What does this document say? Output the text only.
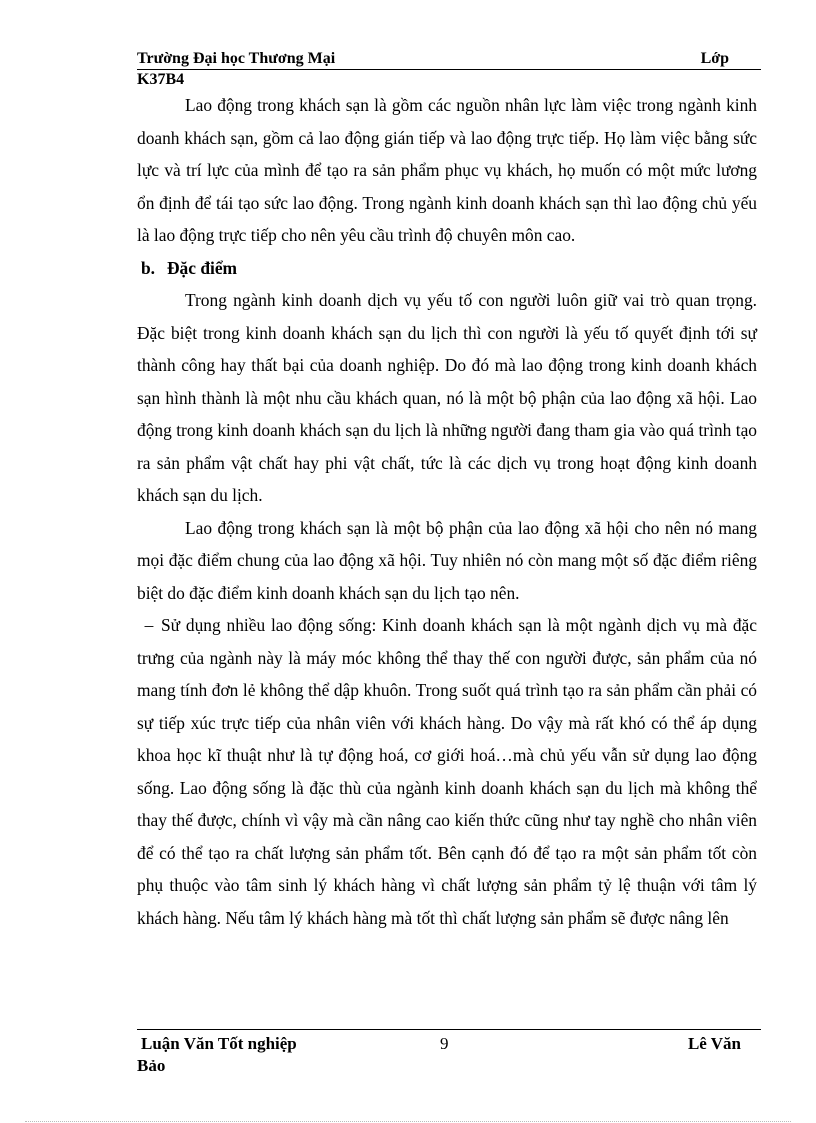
Trường Đại học Thương Mại	Lớp
K37B4

Lao động trong khách sạn là gồm các nguồn nhân lực làm việc trong ngành kinh doanh khách sạn, gồm cả lao động gián tiếp và lao động trực tiếp. Họ làm việc bằng sức lực và trí lực của mình để tạo ra sản phẩm phục vụ khách, họ muốn có một mức lương ổn định để tái tạo sức lao động. Trong ngành kinh doanh khách sạn thì lao động chủ yếu là lao động trực tiếp cho nên yêu cầu trình độ chuyên môn cao.

b. Đặc điểm

Trong ngành kinh doanh dịch vụ yếu tố con người luôn giữ vai trò quan trọng. Đặc biệt trong kinh doanh khách sạn du lịch thì con người là yếu tố quyết định tới sự thành công hay thất bại của doanh nghiệp. Do đó mà lao động trong kinh doanh khách sạn hình thành là một nhu cầu khách quan, nó là một bộ phận của lao động xã hội. Lao động trong kinh doanh khách sạn du lịch là những người đang tham gia vào quá trình tạo ra sản phẩm vật chất hay phi vật chất, tức là các dịch vụ trong hoạt động kinh doanh khách sạn du lịch.

Lao động trong khách sạn là một bộ phận của lao động xã hội cho nên nó mang mọi đặc điểm chung của lao động xã hội. Tuy nhiên nó còn mang một số đặc điểm riêng biệt do đặc điểm kinh doanh khách sạn du lịch tạo nên.

– Sử dụng nhiều lao động sống: Kinh doanh khách sạn là một ngành dịch vụ mà đặc trưng của ngành này là máy móc không thể thay thế con người được, sản phẩm của nó mang tính đơn lẻ không thể dập khuôn. Trong suốt quá trình tạo ra sản phẩm cần phải có sự tiếp xúc trực tiếp của nhân viên với khách hàng. Do vậy mà rất khó có thể áp dụng khoa học kĩ thuật như là tự động hoá, cơ giới hoá…mà chủ yếu vẫn sử dụng lao động sống. Lao động sống là đặc thù của ngành kinh doanh khách sạn du lịch mà không thể thay thế được, chính vì vậy mà cần nâng cao kiến thức cũng như tay nghề cho nhân viên để có thể tạo ra chất lượng sản phẩm tốt. Bên cạnh đó để tạo ra một sản phẩm tốt còn phụ thuộc vào tâm sinh lý khách hàng vì chất lượng sản phẩm tỷ lệ thuận với tâm lý khách hàng. Nếu tâm lý khách hàng mà tốt thì chất lượng sản phẩm sẽ được nâng lên

Luận Văn Tốt nghiệp	9	Lê Văn
Bảo
